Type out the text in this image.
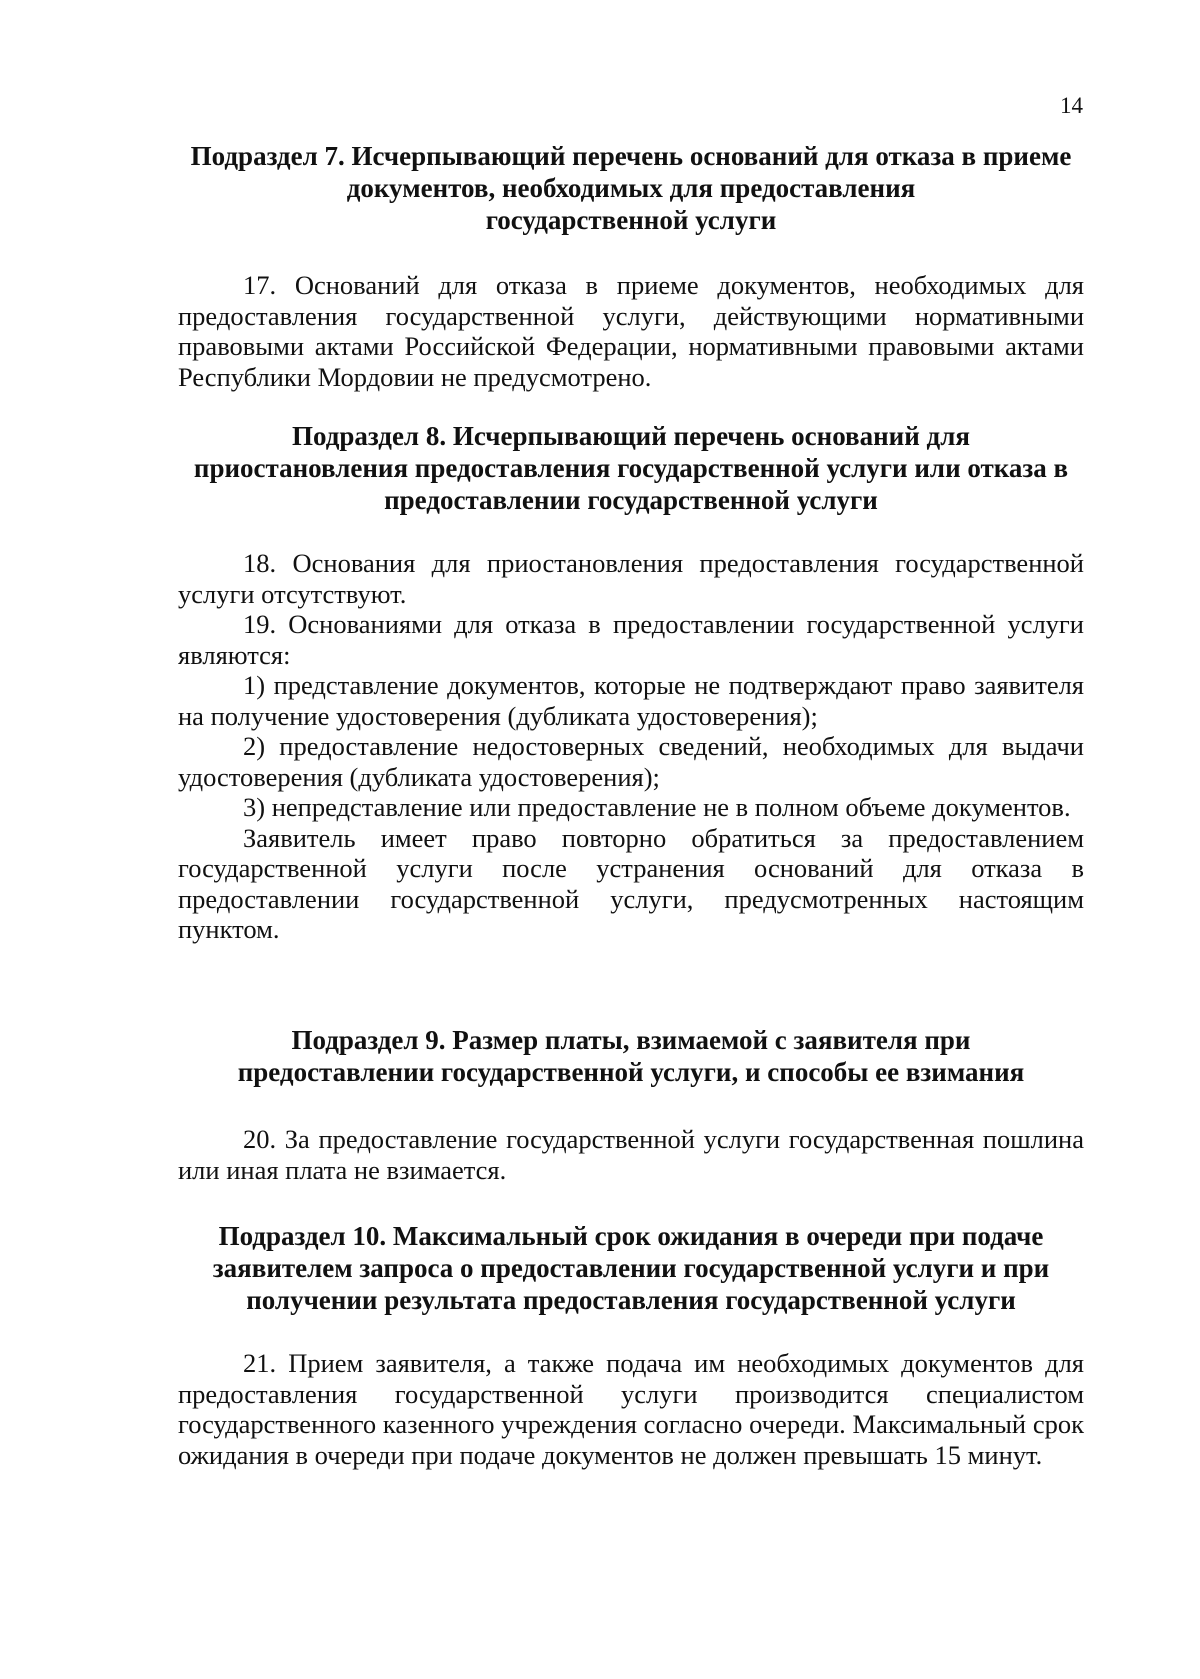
14
Подраздел 7. Исчерпывающий перечень оснований для отказа в приеме
документов, необходимых для предоставления
государственной услуги

17. Оснований для отказа в приеме документов, необходимых для предоставления государственной услуги, действующими нормативными правовыми актами Российской Федерации, нормативными правовыми актами Республики Мордовии не предусмотрено.

Подраздел 8. Исчерпывающий перечень оснований для
приостановления предоставления государственной услуги или отказа в
предоставлении государственной услуги

18. Основания для приостановления предоставления государственной услуги отсутствуют.

19. Основаниями для отказа в предоставлении государственной услуги являются:

1) представление документов, которые не подтверждают право заявителя на получение удостоверения (дубликата удостоверения);

2) предоставление недостоверных сведений, необходимых для выдачи удостоверения (дубликата удостоверения);

3) непредставление или предоставление не в полном объеме документов.

Заявитель имеет право повторно обратиться за предоставлением государственной услуги после устранения оснований для отказа в предоставлении государственной услуги, предусмотренных настоящим пунктом.

Подраздел 9. Размер платы, взимаемой с заявителя при
предоставлении государственной услуги, и способы ее взимания

20. За предоставление государственной услуги государственная пошлина или иная плата не взимается.

Подраздел 10. Максимальный срок ожидания в очереди при подаче
заявителем запроса о предоставлении государственной услуги и при
получении результата предоставления государственной услуги

21. Прием заявителя, а также подача им необходимых документов для предоставления государственной услуги производится специалистом государственного казенного учреждения согласно очереди. Максимальный срок ожидания в очереди при подаче документов не должен превышать 15 минут.
